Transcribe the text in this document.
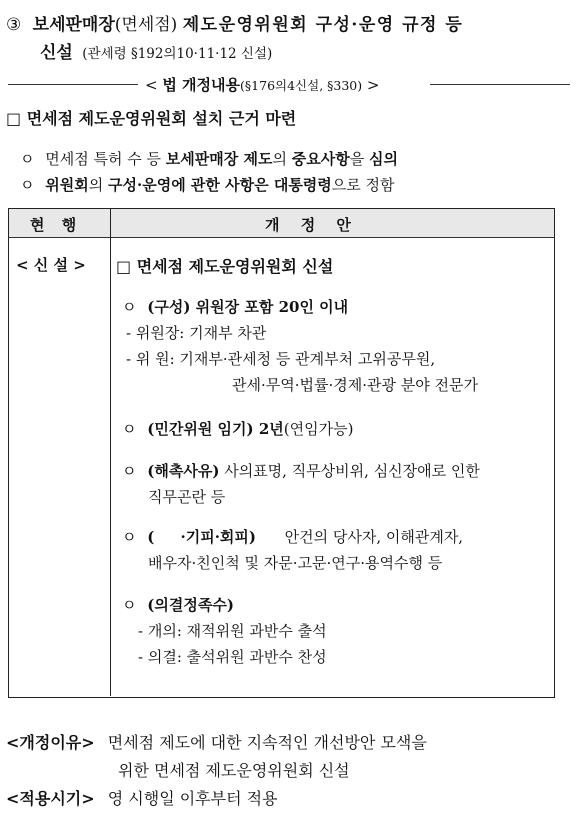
③ 보세판매장(면세점) 제도운영위원회 구성·운영 규정 등
신설 (관세령 §192의10·11·12 신설)
< 법 개정내용(§176의4신설, §330) >
□ 면세점 제도운영위원회 설치 근거 마련
ㅇ 면세점 특허 수 등 보세판매장 제도의 중요사항을 심의
ㅇ 위원회의 구성·운영에 관한 사항은 대통령령으로 정함
현 행	개 정 안
< 신 설 > □ 면세점 제도운영위원회 신설
ㅇ (구성) 위원장 포함 20인 이내
- 위원장: 기재부 차관
- 위 원: 기재부·관세청 등 관계부처 고위공무원,
관세·무역·법률·경제·관광 분야 전문가
ㅇ (민간위원 임기) 2년(연임가능)
ㅇ (해촉사유) 사의표명, 직무상비위, 심신장애로 인한
직무곤란 등
ㅇ (     ·기피·회피)      안건의 당사자, 이해관계자,
배우자·친인척 및 자문·고문·연구·용역수행 등
ㅇ (의결정족수)
- 개의: 재적위원 과반수 출석
- 의결: 출석위원 과반수 찬성
<개정이유> 면세점 제도에 대한 지속적인 개선방안 모색을
위한 면세점 제도운영위원회 신설
<적용시기> 영 시행일 이후부터 적용
